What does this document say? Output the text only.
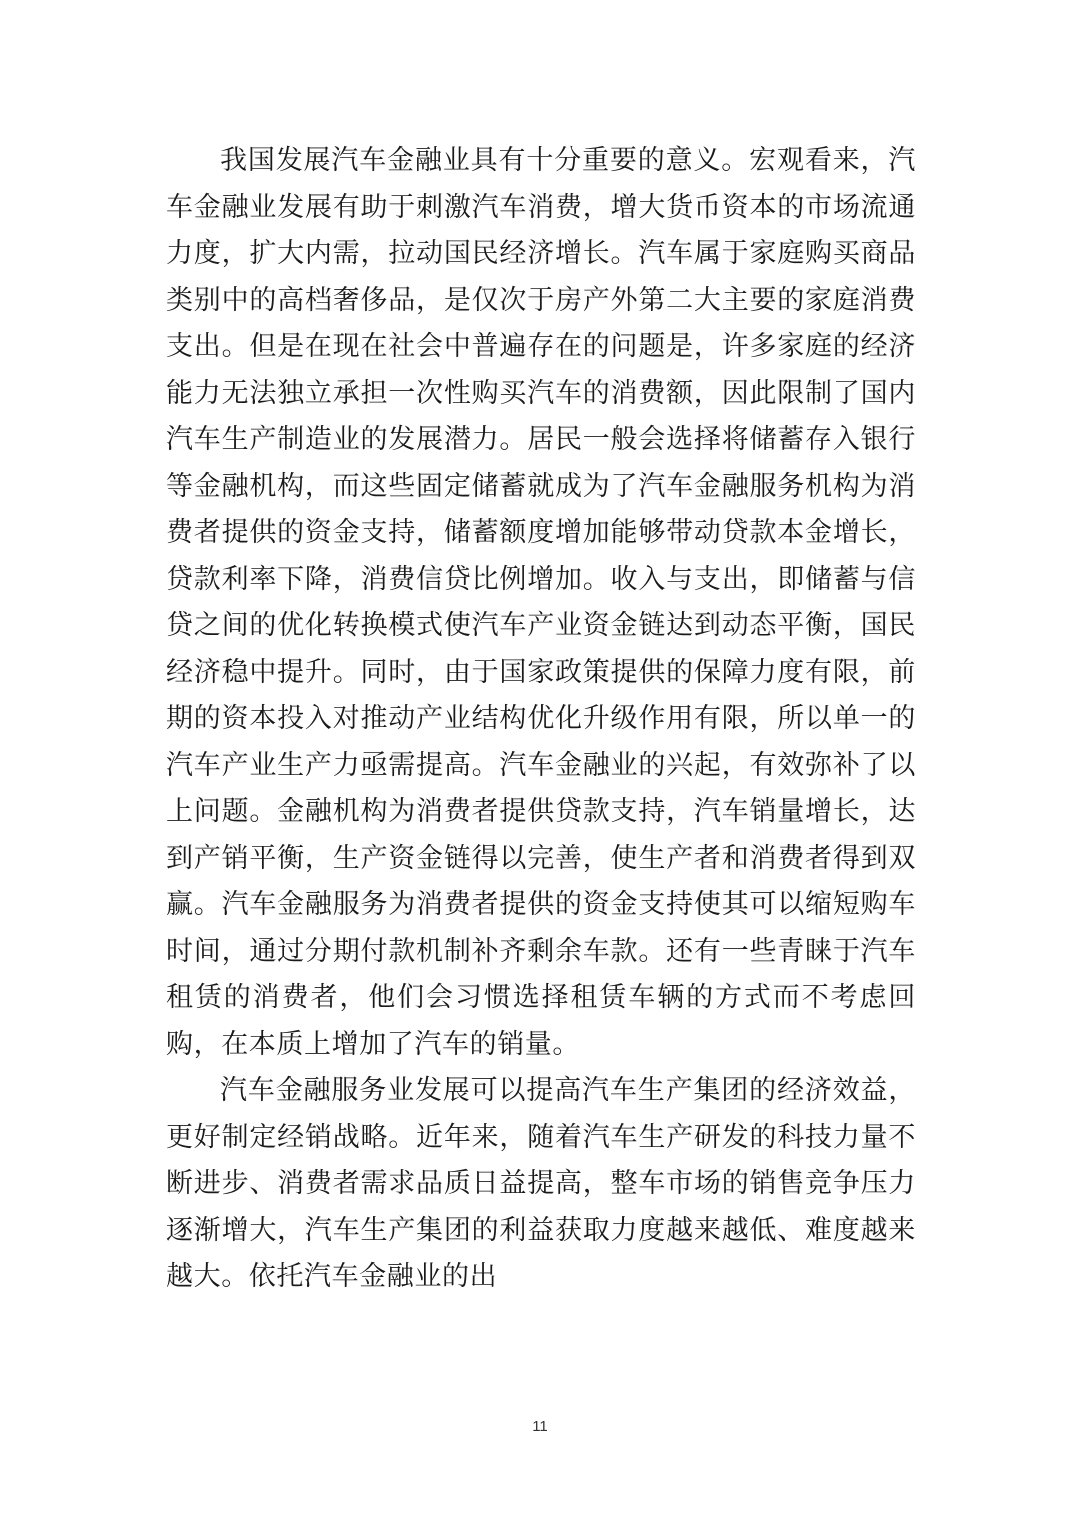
我国发展汽车金融业具有十分重要的意义。宏观看来，汽车金融业发展有助于刺激汽车消费，增大货币资本的市场流通力度，扩大内需，拉动国民经济增长。汽车属于家庭购买商品类别中的高档奢侈品，是仅次于房产外第二大主要的家庭消费支出。但是在现在社会中普遍存在的问题是，许多家庭的经济能力无法独立承担一次性购买汽车的消费额，因此限制了国内汽车生产制造业的发展潜力。居民一般会选择将储蓄存入银行等金融机构，而这些固定储蓄就成为了汽车金融服务机构为消费者提供的资金支持，储蓄额度增加能够带动贷款本金增长，贷款利率下降，消费信贷比例增加。收入与支出，即储蓄与信贷之间的优化转换模式使汽车产业资金链达到动态平衡，国民经济稳中提升。同时，由于国家政策提供的保障力度有限，前期的资本投入对推动产业结构优化升级作用有限，所以单一的汽车产业生产力亟需提高。汽车金融业的兴起，有效弥补了以上问题。金融机构为消费者提供贷款支持，汽车销量增长，达到产销平衡，生产资金链得以完善，使生产者和消费者得到双赢。汽车金融服务为消费者提供的资金支持使其可以缩短购车时间，通过分期付款机制补齐剩余车款。还有一些青睐于汽车租赁的消费者，他们会习惯选择租赁车辆的方式而不考虑回购，在本质上增加了汽车的销量。

汽车金融服务业发展可以提高汽车生产集团的经济效益，更好制定经销战略。近年来，随着汽车生产研发的科技力量不断进步、消费者需求品质日益提高，整车市场的销售竞争压力逐渐增大，汽车生产集团的利益获取力度越来越低、难度越来越大。依托汽车金融业的出

11
